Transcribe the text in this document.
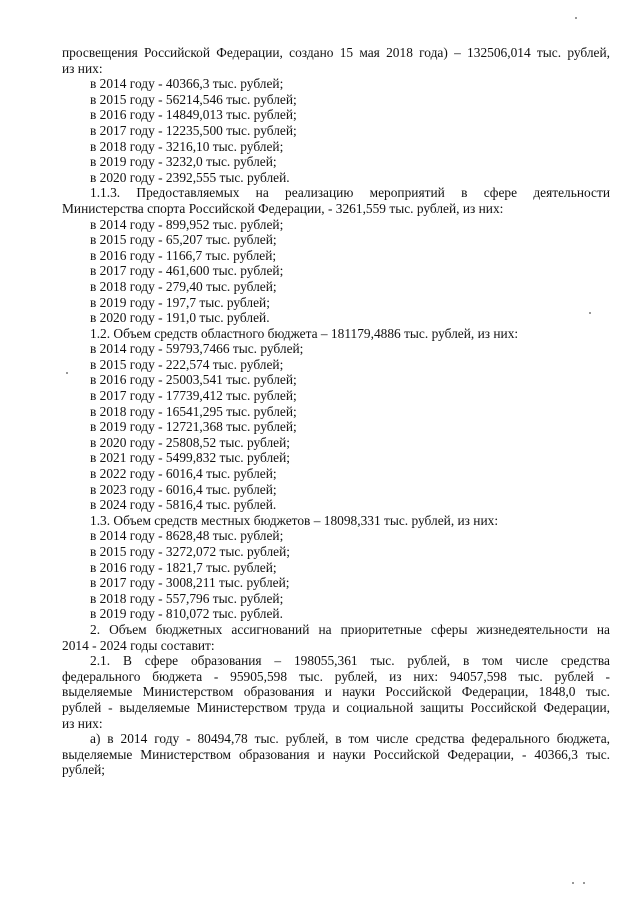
просвещения Российской Федерации, создано 15 мая 2018 года) – 132506,014 тыс. рублей,
из них:
в 2014 году - 40366,3 тыс. рублей;
в 2015 году - 56214,546 тыс. рублей;
в 2016 году - 14849,013 тыс. рублей;
в 2017 году - 12235,500 тыс. рублей;
в 2018 году - 3216,10 тыс. рублей;
в 2019 году - 3232,0 тыс. рублей;
в 2020 году - 2392,555 тыс. рублей.
1.1.3. Предоставляемых на реализацию мероприятий в сфере деятельности
Министерства спорта Российской Федерации, - 3261,559 тыс. рублей, из них:
в 2014 году - 899,952 тыс. рублей;
в 2015 году - 65,207 тыс. рублей;
в 2016 году - 1166,7 тыс. рублей;
в 2017 году - 461,600 тыс. рублей;
в 2018 году - 279,40 тыс. рублей;
в 2019 году - 197,7 тыс. рублей;
в 2020 году - 191,0 тыс. рублей.
1.2. Объем средств областного бюджета – 181179,4886 тыс. рублей, из них:
в 2014 году - 59793,7466 тыс. рублей;
в 2015 году - 222,574 тыс. рублей;
в 2016 году - 25003,541 тыс. рублей;
в 2017 году - 17739,412 тыс. рублей;
в 2018 году - 16541,295 тыс. рублей;
в 2019 году - 12721,368 тыс. рублей;
в 2020 году - 25808,52 тыс. рублей;
в 2021 году - 5499,832 тыс. рублей;
в 2022 году - 6016,4 тыс. рублей;
в 2023 году - 6016,4 тыс. рублей;
в 2024 году - 5816,4 тыс. рублей.
1.3. Объем средств местных бюджетов – 18098,331 тыс. рублей, из них:
в 2014 году - 8628,48 тыс. рублей;
в 2015 году - 3272,072 тыс. рублей;
в 2016 году - 1821,7 тыс. рублей;
в 2017 году - 3008,211 тыс. рублей;
в 2018 году - 557,796 тыс. рублей;
в 2019 году - 810,072 тыс. рублей.
2. Объем бюджетных ассигнований на приоритетные сферы жизнедеятельности на
2014 - 2024 годы составит:
2.1. В сфере образования – 198055,361 тыс. рублей, в том числе средства
федерального бюджета - 95905,598 тыс. рублей, из них: 94057,598 тыс. рублей -
выделяемые Министерством образования и науки Российской Федерации, 1848,0 тыс.
рублей - выделяемые Министерством труда и социальной защиты Российской Федерации,
из них:
а) в 2014 году - 80494,78 тыс. рублей, в том числе средства федерального бюджета,
выделяемые Министерством образования и науки Российской Федерации, - 40366,3 тыс.
рублей;
